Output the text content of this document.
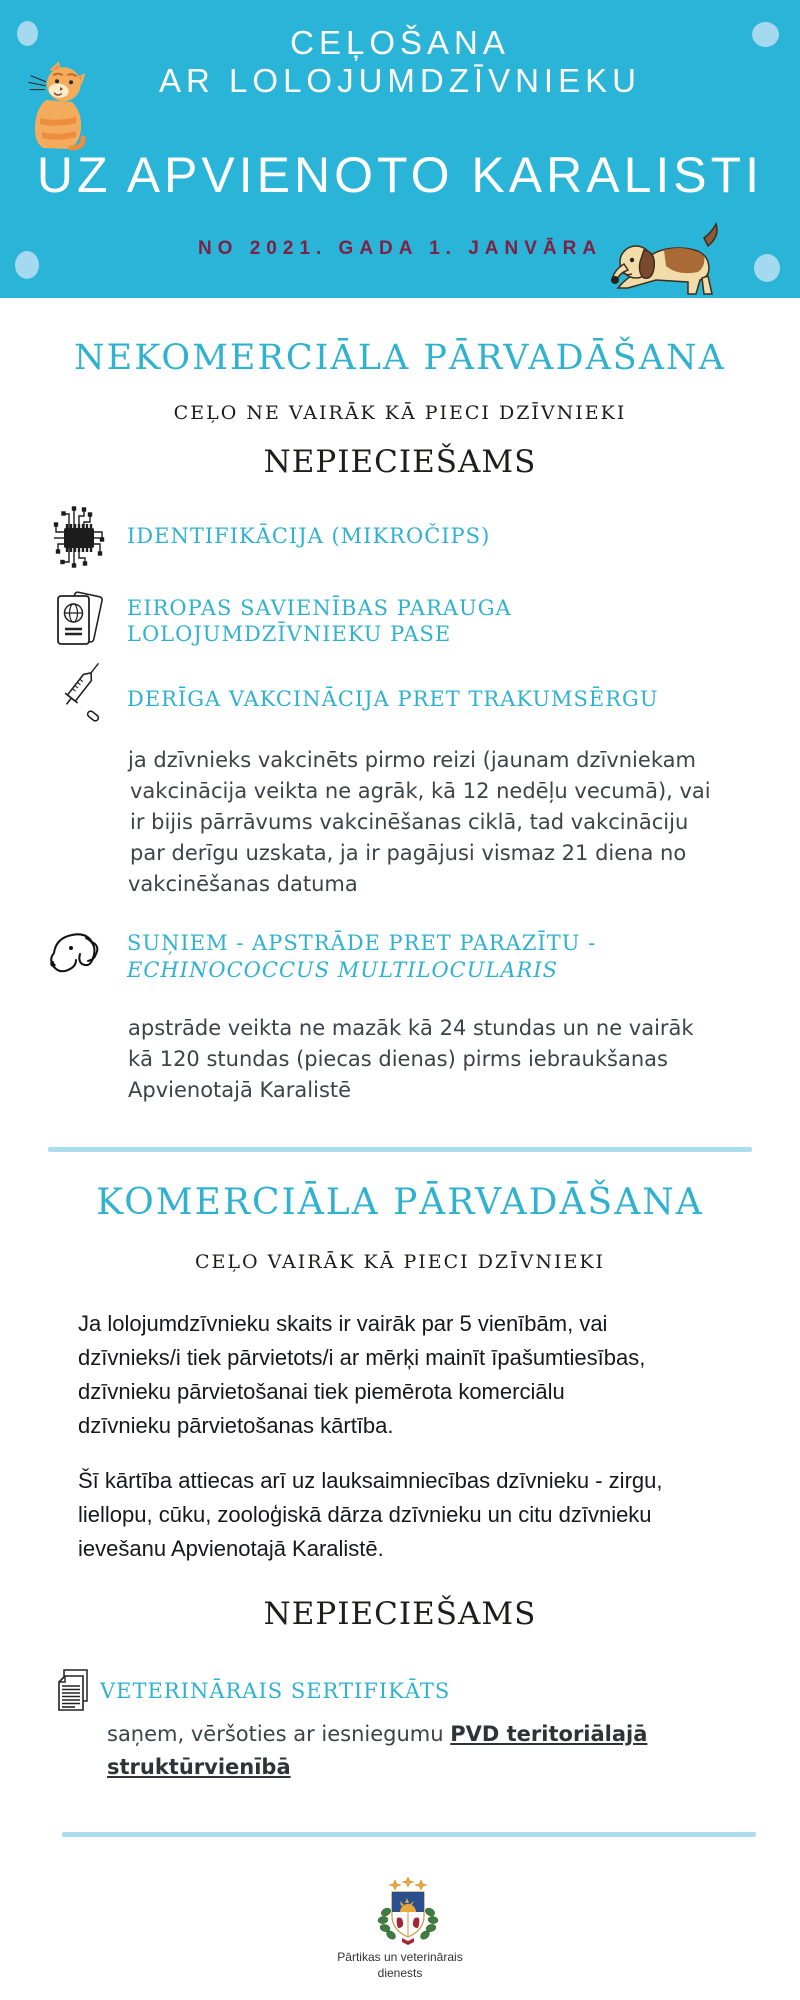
CEĻOŠANA
AR LOLOJUMDZĪVNIEKU
UZ APVIENOTO KARALISTI
NO 2021. GADA 1. JANVĀRA
NEKOMERCIĀLA PĀRVADĀŠANA
CEĻO NE VAIRĀK KĀ PIECI DZĪVNIEKI
NEPIECIEŠAMS
IDENTIFIKĀCIJA (MIKROČIPS)
EIROPAS SAVIENĪBAS PARAUGA
LOLOJUMDZĪVNIEKU PASE
DERĪGA VAKCINĀCIJA PRET TRAKUMSĒRGU
ja dzīvnieks vakcinēts pirmo reizi (jaunam dzīvniekam
vakcinācija veikta ne agrāk, kā 12 nedēļu vecumā), vai
ir bijis pārrāvums vakcinēšanas ciklā, tad vakcināciju
par derīgu uzskata, ja ir pagājusi vismaz 21 diena no
vakcinēšanas datuma
SUŅIEM - APSTRĀDE PRET PARAZĪTU -
ECHINOCOCCUS MULTILOCULARIS
apstrāde veikta ne mazāk kā 24 stundas un ne vairāk
kā 120 stundas (piecas dienas) pirms iebraukšanas
Apvienotajā Karalistē
KOMERCIĀLA PĀRVADĀŠANA
CEĻO VAIRĀK KĀ PIECI DZĪVNIEKI
Ja lolojumdzīvnieku skaits ir vairāk par 5 vienībām, vai
dzīvnieks/i tiek pārvietots/i ar mērķi mainīt īpašumtiesības,
dzīvnieku pārvietošanai tiek piemērota komerciālu
dzīvnieku pārvietošanas kārtība.
Šī kārtība attiecas arī uz lauksaimniecības dzīvnieku - zirgu,
liellopu, cūku, zooloģiskā dārza dzīvnieku un citu dzīvnieku
ievešanu Apvienotajā Karalistē.
NEPIECIEŠAMS
VETERINĀRAIS SERTIFIKĀTS
saņem, vēršoties ar iesniegumu PVD teritoriālajā
struktūrvienībā
Pārtikas un veterinārais
dienests
